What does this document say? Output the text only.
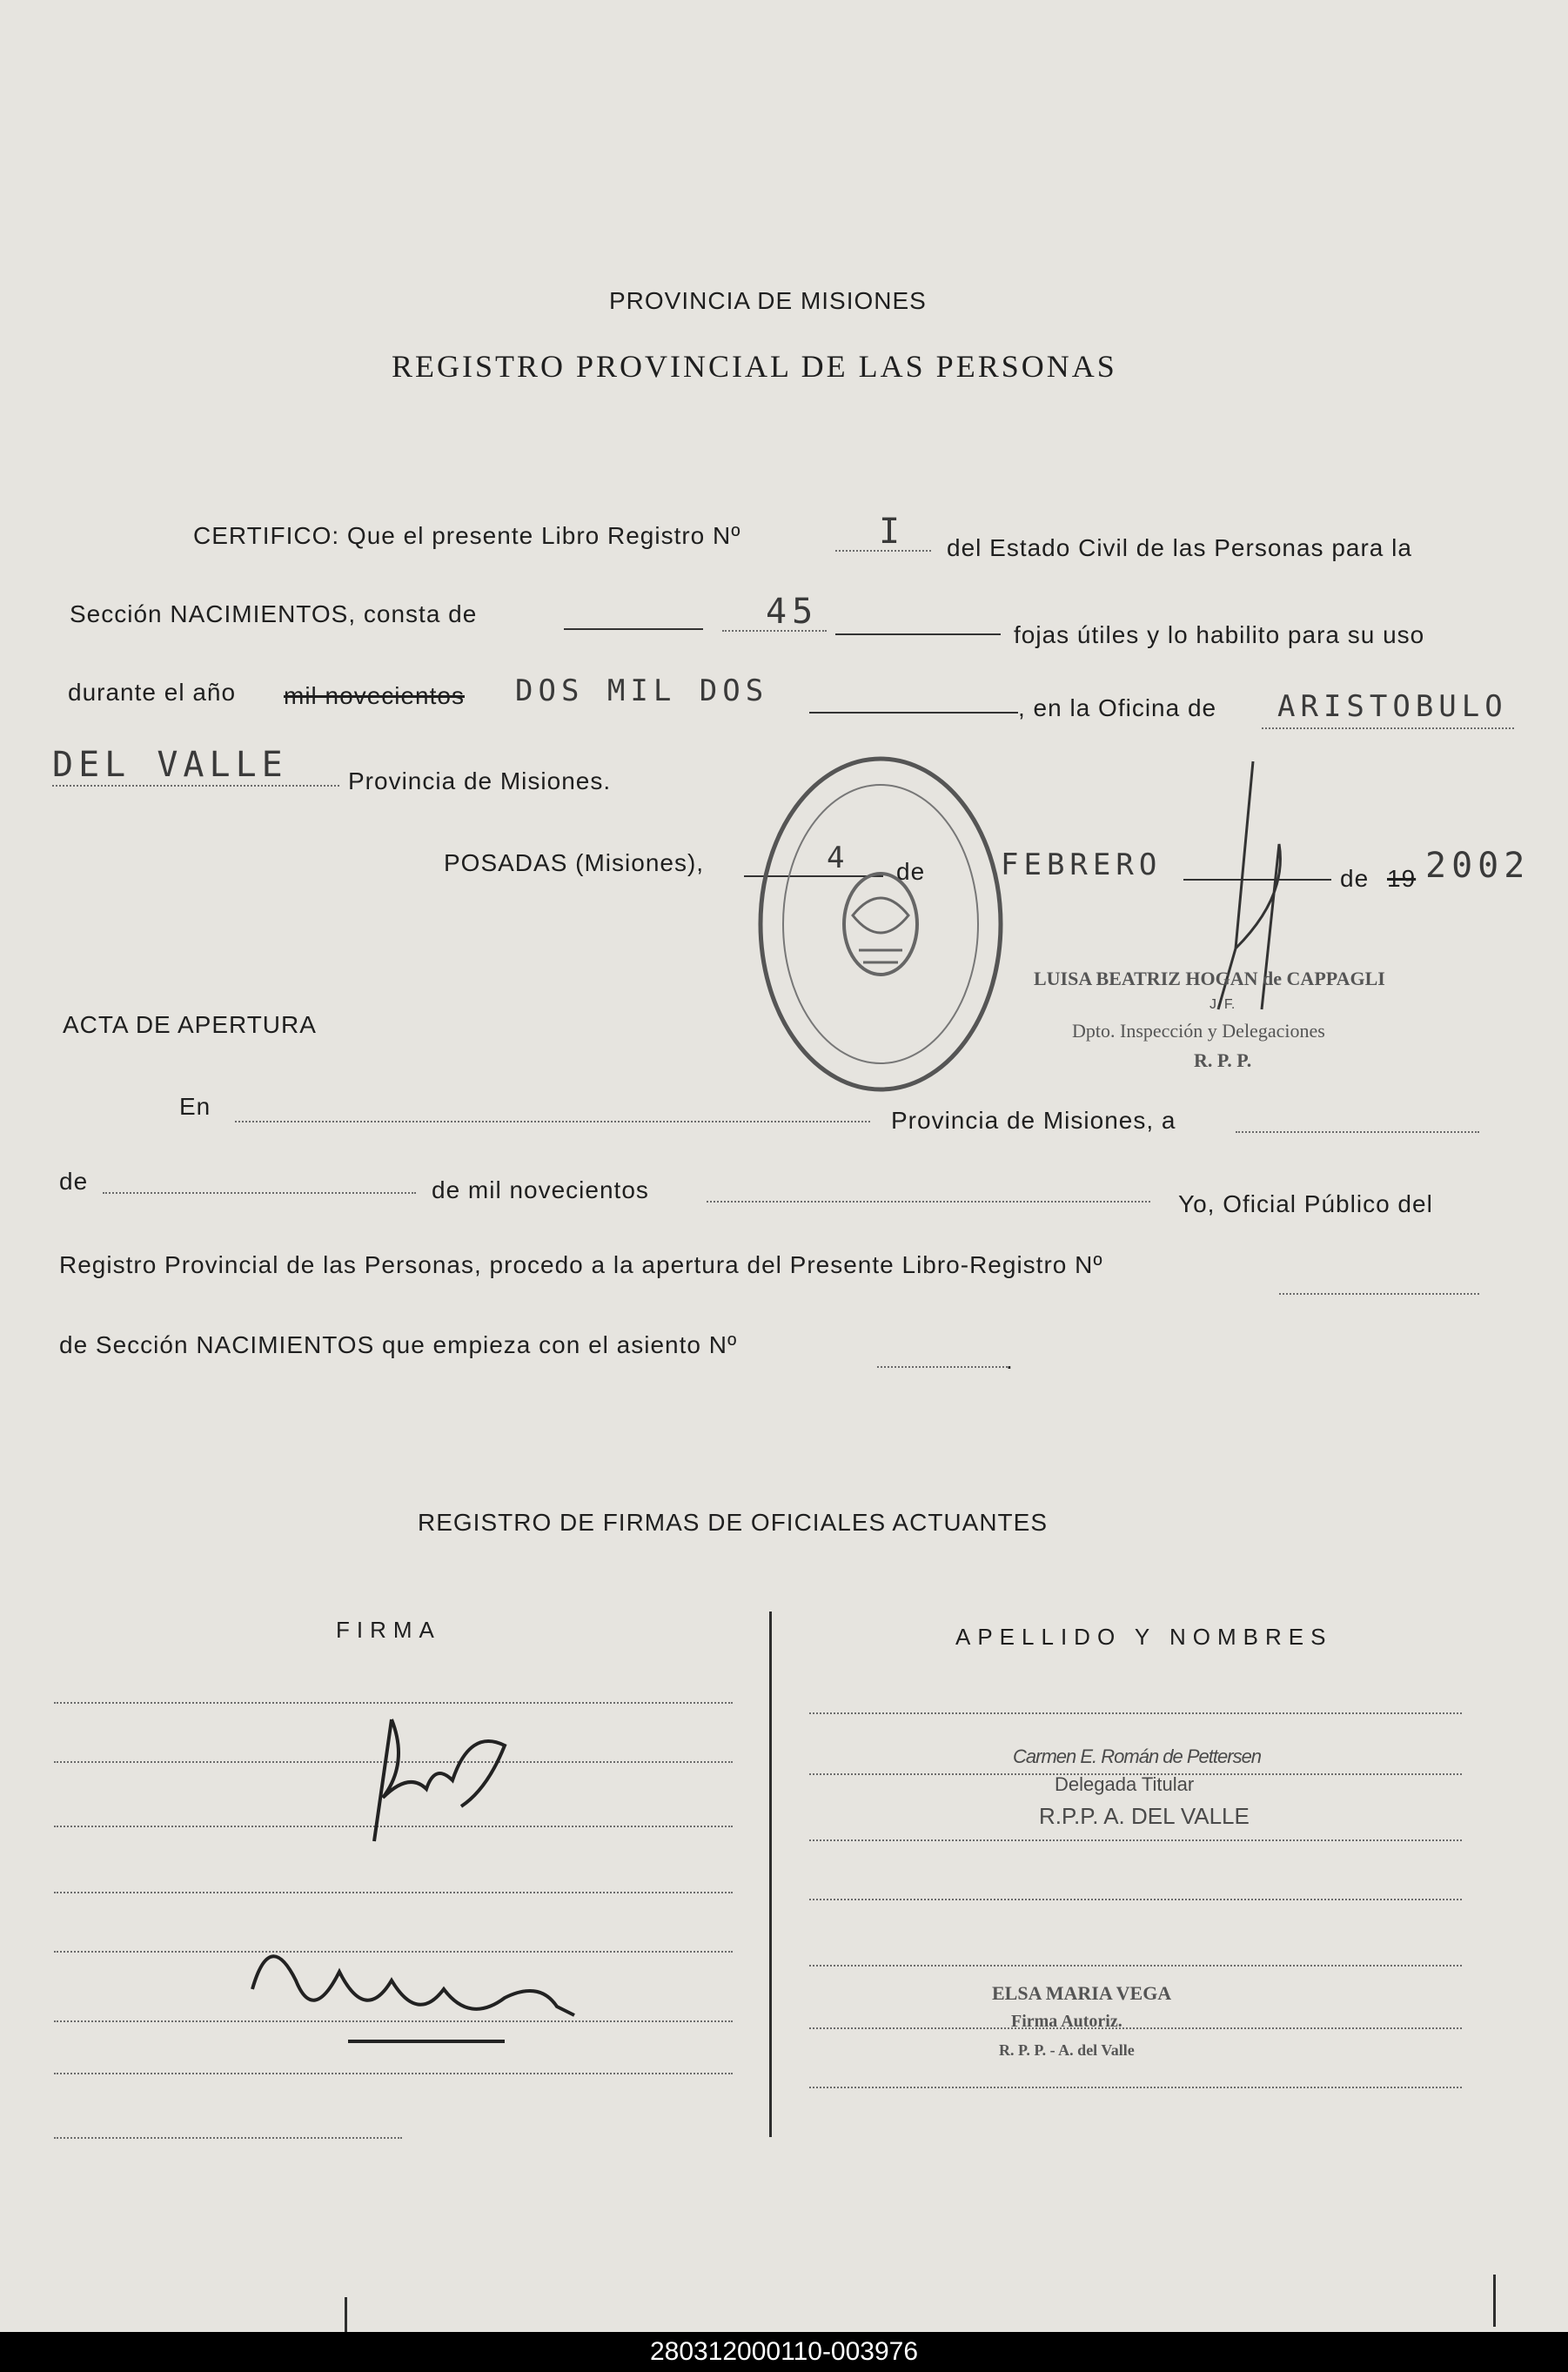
PROVINCIA DE MISIONES
REGISTRO PROVINCIAL DE LAS PERSONAS
CERTIFICO: Que el presente Libro Registro Nº	I del Estado Civil de las Personas para la
Sección NACIMIENTOS, consta de	45
fojas útiles y lo habilito para su uso
durante el año mil novecientos DOS MIL DOS	, en la Oficina de ARISTOBULO
DEL VALLE Provincia de Misiones.
POSADAS (Misiones),	4 de	FEBRERO	de 19 2002
LUISA BEATRIZ HOGAN de CAPPAGLI
J. F.
Dpto. Inspección y Delegaciones
R. P. P.
ACTA DE APERTURA
En
Provincia de Misiones, a
de	de mil novecientos
Yo, Oficial Público del
Registro Provincial de las Personas, procedo a la apertura del Presente Libro-Registro Nº
de Sección NACIMIENTOS que empieza con el asiento Nº
.
REGISTRO DE FIRMAS DE OFICIALES ACTUANTES
FIRMA	APELLIDO Y NOMBRES
Carmen E. Román de Pettersen
Delegada Titular
R.P.P. A. DEL VALLE
ELSA MARIA VEGA
Firma Autoriz.
R. P. P. - A. del Valle
280312000110-003976
